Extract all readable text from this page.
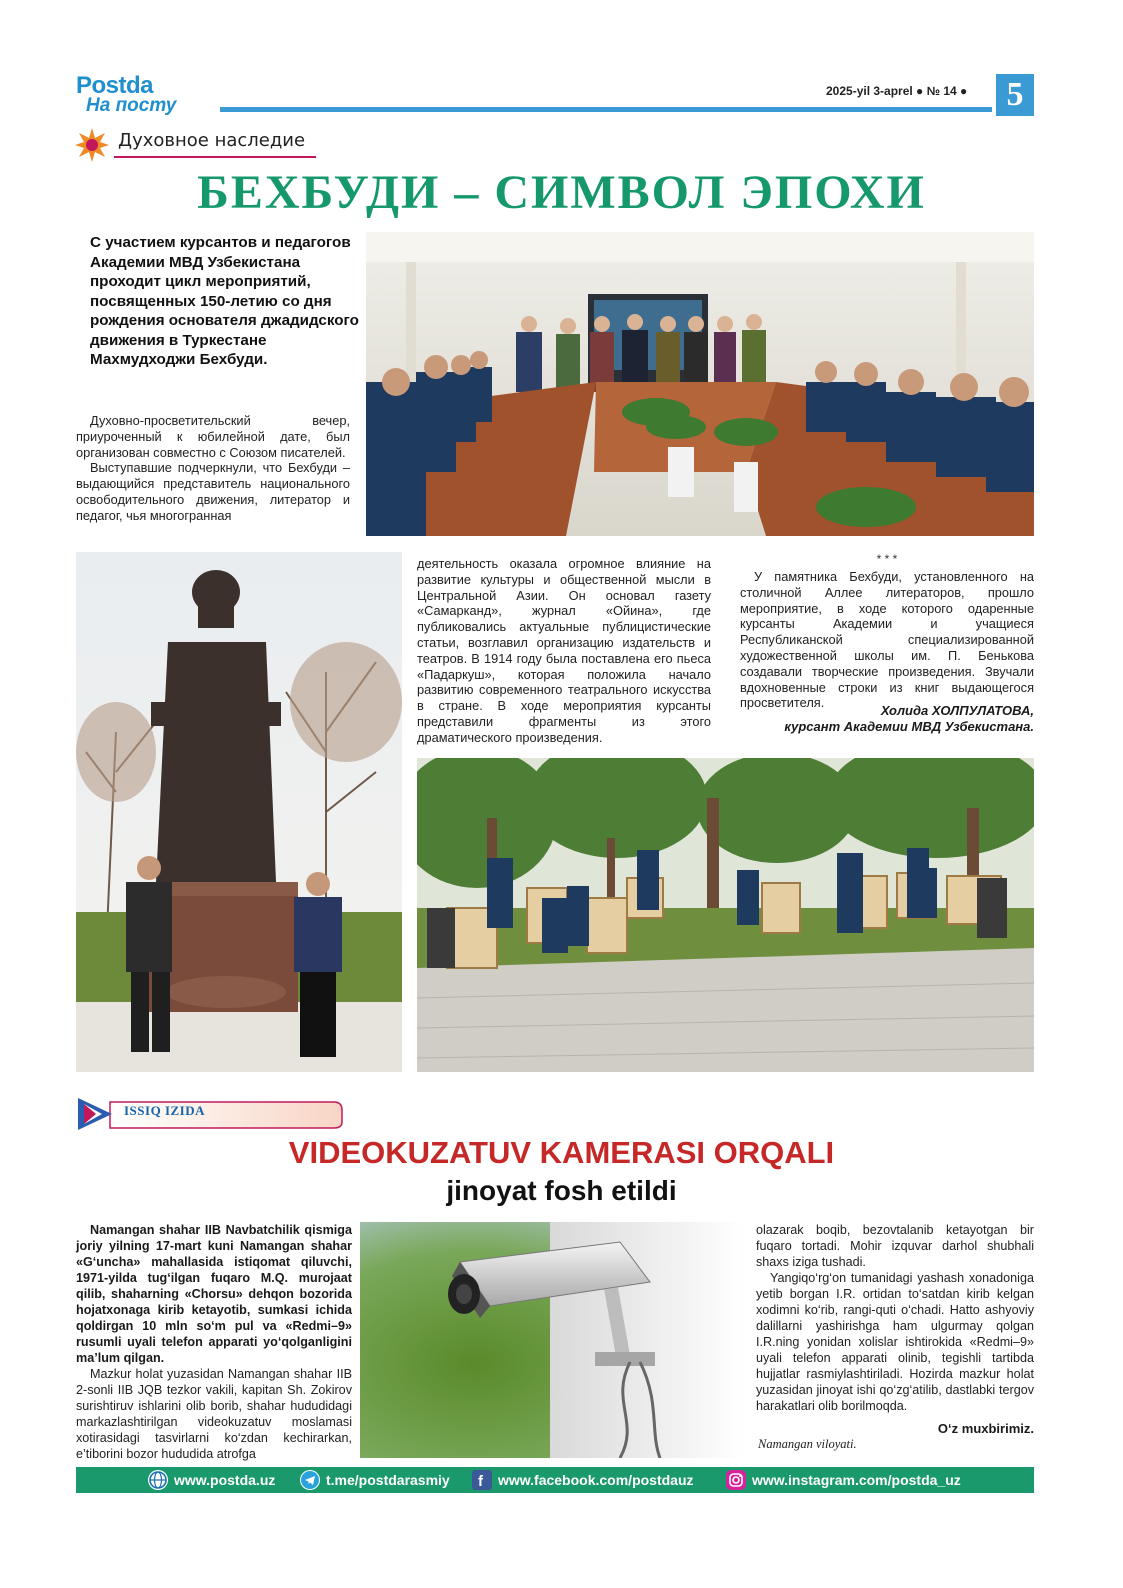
Postda
На посту
2025-yil 3-aprel ● № 14 ●	5
Духовное наследие
БЕХБУДИ – СИМВОЛ ЭПОХИ
С участием курсантов и педагогов Академии МВД Узбекистана проходит цикл мероприятий, посвященных 150-летию со дня рождения основателя джадидского движения в Туркестане Махмудходжи Бехбуди.

Духовно-просветительский вечер, приуроченный к юбилейной дате, был организован совместно с Союзом писателей.

Выступавшие подчеркнули, что Бехбуди – выдающийся представитель национального освободительного движения, литератор и педагог, чья многогранная

деятельность оказала огромное влияние на развитие культуры и общественной мысли в Центральной Азии. Он основал газету «Самарканд», журнал «Ойина», где публиковались актуальные публицистические статьи, возглавил организацию издательств и театров. В 1914 году была поставлена его пьеса «Падаркуш», которая положила начало развитию современного театрального искусства в стране. В ходе мероприятия курсанты представили фрагменты из этого драматического произведения.

* * *

У памятника Бехбуди, установленного на столичной Аллее литераторов, прошло мероприятие, в ходе которого одаренные курсанты Академии и учащиеся Республиканской специализированной художественной школы им. П. Бенькова создавали творческие произведения. Звучали вдохновенные строки из книг выдающегося просветителя.

Холида ХОЛПУЛАТОВА,
курсант Академии МВД Узбекистана.
ISSIQ IZIDA
VIDEOKUZATUV KAMERASI ORQALI
jinoyat fosh etildi
Namangan shahar IIB Navbatchilik qismiga joriy yilning 17-mart kuni Namangan shahar «G‘uncha» mahallasida istiqomat qiluvchi, 1971-yilda tug‘ilgan fuqaro M.Q. murojaat qilib, shaharning «Chorsu» dehqon bozorida hojatxonaga kirib ketayotib, sumkasi ichida qoldirgan 10 mln so‘m pul va «Redmi–9» rusumli uyali telefon apparati yo‘qolganligini ma’lum qilgan.

Mazkur holat yuzasidan Namangan shahar IIB 2-sonli IIB JQB tezkor vakili, kapitan Sh. Zokirov surishtiruv ishlarini olib borib, shahar hududidagi markazlashtirilgan videokuzatuv moslamasi xotirasidagi tasvirlarni ko‘zdan kechirarkan, e’tiborini bozor hududida atrofga

olazarak boqib, bezovtalanib ketayotgan bir fuqaro tortadi. Mohir izquvar darhol shubhali shaxs iziga tushadi.

Yangiqo‘rg‘on tumanidagi yashash xonadoniga yetib borgan I.R. ortidan to‘satdan kirib kelgan xodimni ko‘rib, rangi-quti o‘chadi. Hatto ashyoviy dalillarni yashirishga ham ulgurmay qolgan I.R.ning yonidan xolislar ishtirokida «Redmi–9» uyali telefon apparati olinib, tegishli tartibda hujjatlar rasmiylashtiriladi. Hozirda mazkur holat yuzasidan jinoyat ishi qo‘zg‘atilib, dastlabki tergov harakatlari olib borilmoqda.

O‘z muxbirimiz.
Namangan viloyati.
www.postda.uz	t.me/postdarasmiy f www.facebook.com/postdauz	www.instagram.com/postda_uz
